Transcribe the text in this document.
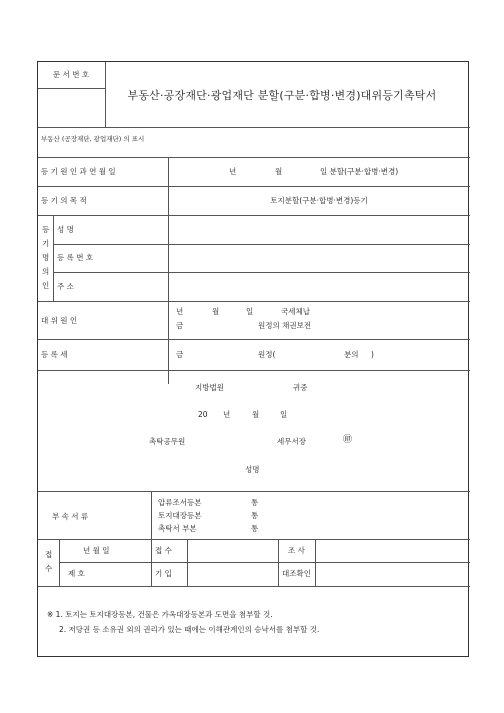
문 서 번 호
부동산·공장재단·광업재단 분할(구분·합병·변경)대위등기촉탁서
부동산 (공장재단, 광업재단) 의 표시
등 기 원 인 과 연 월 일	년	월	일 분할(구분·합병·변경)
등 기 의 목 적	토지분할(구분·합병·변경)등기
등
기
명
의
인
성 명
등 록 번 호
주 소
대 위 원 인
년	월	일	국세체납
금	원정의 채권보전
등 록 세	금	원정(	분의 )
지방법원	귀중
20 년	월	일
촉탁공무원	세무서장	㊞
성명
부 속 서 류
압류조서등본	통
토지대장등본	통
촉탁서 부본	통
접
수
년 월 일	접 수	조 사
제 호	기 입	대조확인
※ 1. 토지는 토지대장등본, 건물은 가옥대장등본과 도면을 첨부할 것.
2. 저당권 등 소유권 외의 권리가 있는 때에는 이해관계인의 승낙서를 첨부할 것.
